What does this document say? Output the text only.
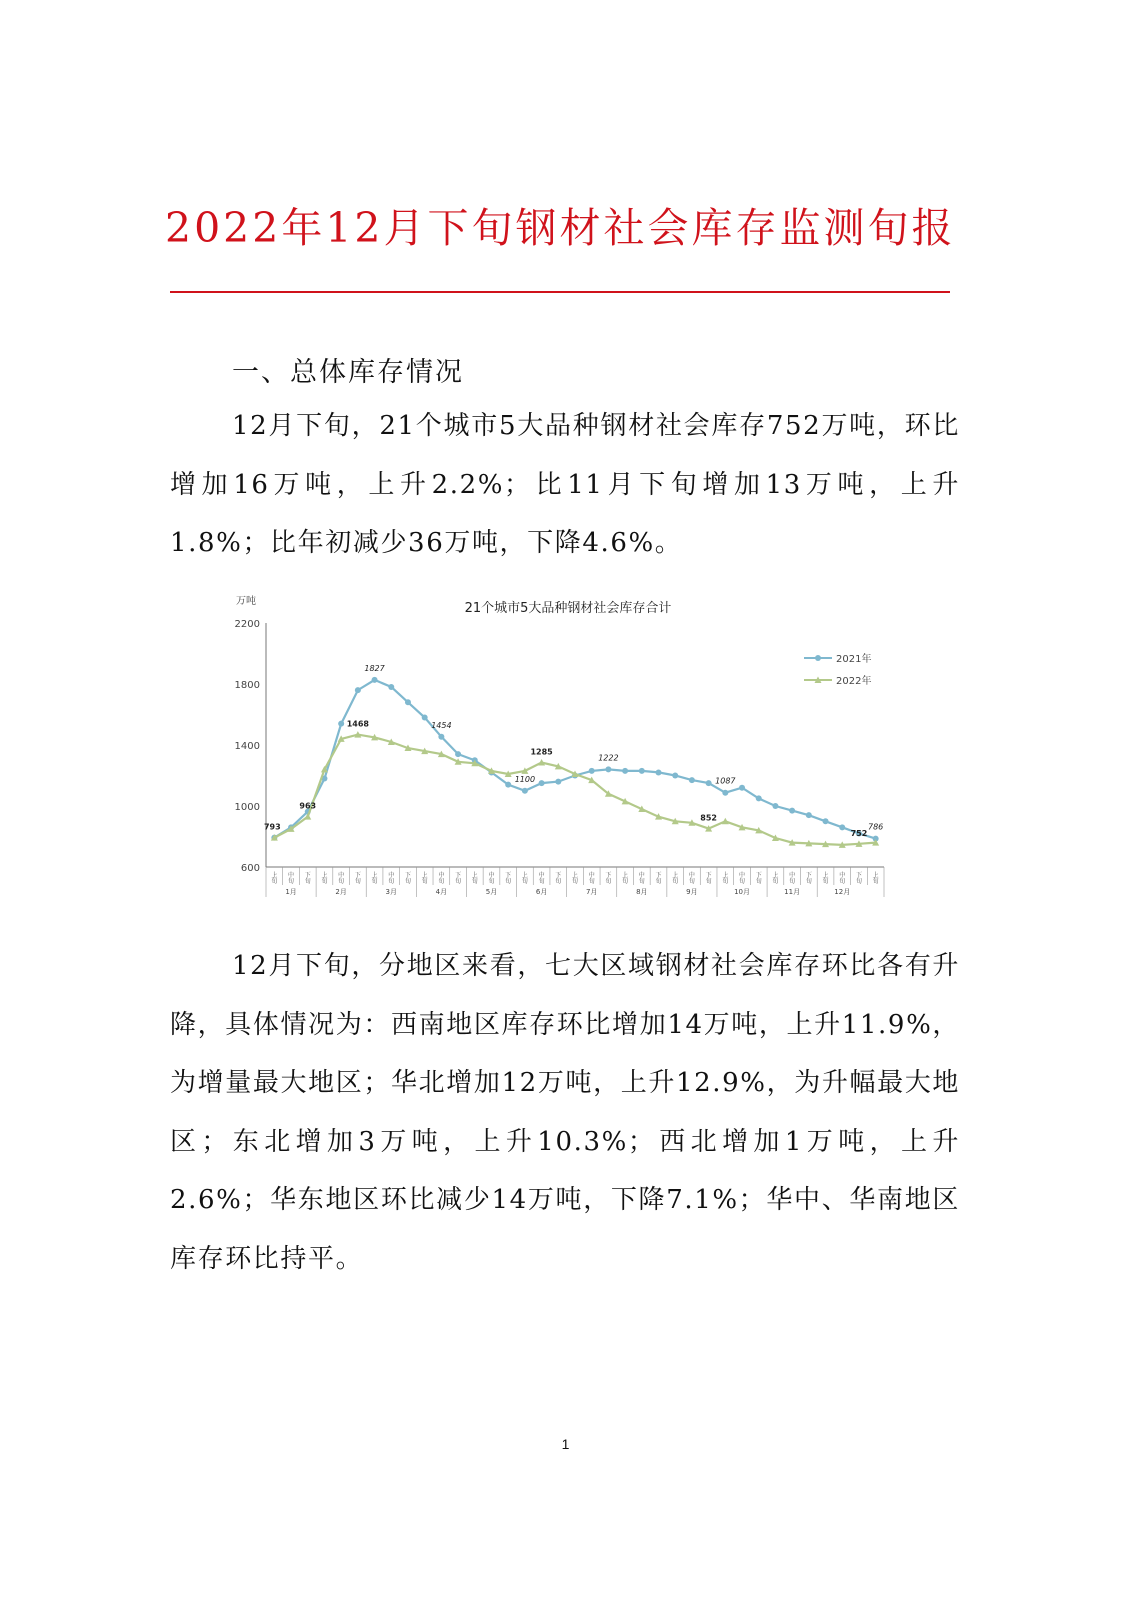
2022年12月下旬钢材社会库存监测旬报
一、总体库存情况

12月下旬，21个城市5大品种钢材社会库存752万吨，环比增加16万吨，上升2.2%；比11月下旬增加13万吨，上升1.8%；比年初减少36万吨，下降4.6%。

21个城市5大品种钢材社会库存合计
万吨
2200
1800
1400
1000
600
上旬
中旬
下旬
上旬
中旬
下旬
上旬
中旬
下旬
上旬
中旬
下旬
上旬
中旬
下旬
上旬
中旬
下旬
上旬
中旬
下旬
上旬
中旬
下旬
上旬
中旬
下旬
上旬
中旬
下旬
上旬
中旬
下旬
上旬
中旬
下旬
上旬
1月	2月	3月	4月	5月	6月	7月	8月	9月	10月	11月	12月
1827
1454
1100
1222
1087
786
793
963
1468
1285
852
752
2021年
2022年

12月下旬，分地区来看，七大区域钢材社会库存环比各有升降，具体情况为：西南地区库存环比增加14万吨，上升11.9%，为增量最大地区；华北增加12万吨，上升12.9%，为升幅最大地区；东北增加3万吨，上升10.3%；西北增加1万吨，上升2.6%；华东地区环比减少14万吨，下降7.1%；华中、华南地区库存环比持平。

1
